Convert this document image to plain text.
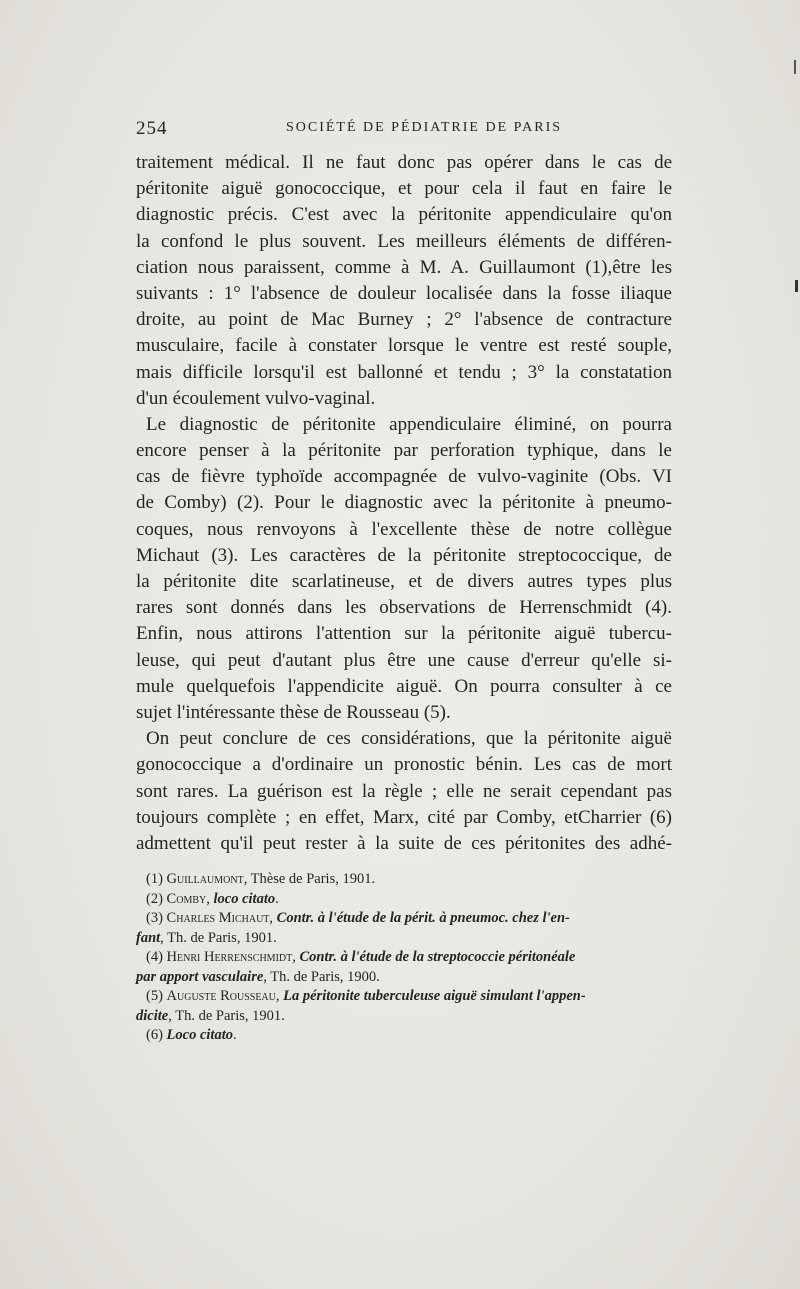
254	SOCIÉTÉ DE PÉDIATRIE DE PARIS
traitement médical. Il ne faut donc pas opérer dans le cas de
péritonite aiguë gonococcique, et pour cela il faut en faire le
diagnostic précis. C'est avec la péritonite appendiculaire qu'on
la confond le plus souvent. Les meilleurs éléments de différen-
ciation nous paraissent, comme à M. A. Guillaumont (1),être les
suivants : 1° l'absence de douleur localisée dans la fosse iliaque
droite, au point de Mac Burney ; 2° l'absence de contracture
musculaire, facile à constater lorsque le ventre est resté souple,
mais difficile lorsqu'il est ballonné et tendu ; 3° la constatation
d'un écoulement vulvo-vaginal.
Le diagnostic de péritonite appendiculaire éliminé, on pourra
encore penser à la péritonite par perforation typhique, dans le
cas de fièvre typhoïde accompagnée de vulvo-vaginite (Obs. VI
de Comby) (2). Pour le diagnostic avec la péritonite à pneumo-
coques, nous renvoyons à l'excellente thèse de notre collègue
Michaut (3). Les caractères de la péritonite streptococcique, de
la péritonite dite scarlatineuse, et de divers autres types plus
rares sont donnés dans les observations de Herrenschmidt (4).
Enfin, nous attirons l'attention sur la péritonite aiguë tubercu-
leuse, qui peut d'autant plus être une cause d'erreur qu'elle si-
mule quelquefois l'appendicite aiguë. On pourra consulter à ce
sujet l'intéressante thèse de Rousseau (5).
On peut conclure de ces considérations, que la péritonite aiguë
gonococcique a d'ordinaire un pronostic bénin. Les cas de mort
sont rares. La guérison est la règle ; elle ne serait cependant pas
toujours complète ; en effet, Marx, cité par Comby, etCharrier (6)
admettent qu'il peut rester à la suite de ces péritonites des adhé-
(1) Guillaumont, Thèse de Paris, 1901.
(2) Comby, loco citato.
(3) Charles Michaut, Contr. à l'étude de la périt. à pneumoc. chez l'en-
fant, Th. de Paris, 1901.
(4) Henri Herrenschmidt, Contr. à l'étude de la streptococcie péritonéale
par apport vasculaire, Th. de Paris, 1900.
(5) Auguste Rousseau, La péritonite tuberculeuse aiguë simulant l'appen-
dicite, Th. de Paris, 1901.
(6) Loco citato.
